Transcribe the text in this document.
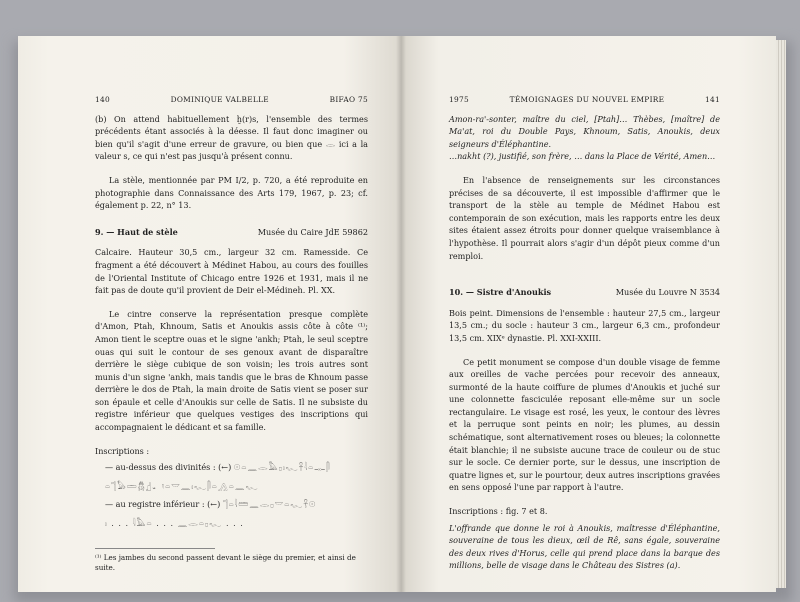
140	DOMINIQUE VALBELLE	BIFAO 75

(b) On attend habituellement ḫ(r)s, l'ensemble des termes précédents étant associés à la déesse. Il faut donc imaginer ou bien qu'il s'agit d'une erreur de gravure, ou bien que 𓂋 ici a la valeur s, ce qui n'est pas jusqu'à présent connu.

La stèle, mentionnée par PM I/2, p. 720, a été reproduite en photographie dans Connaissance des Arts 179, 1967, p. 23; cf. également p. 22, n° 13.

9. — Haut de stèle	Musée du Caire JdE 59862

Calcaire. Hauteur 30,5 cm., largeur 32 cm. Ramesside. Ce fragment a été découvert à Médinet Habou, au cours des fouilles de l'Oriental Institute of Chicago entre 1926 et 1931, mais il ne fait pas de doute qu'il provient de Deir el-Médineh. Pl. XX.

Le cintre conserve la représentation presque complète d'Amon, Ptah, Khnoum, Satis et Anoukis assis côte à côte ⁽¹⁾; Amon tient le sceptre ouas et le signe 'ankh; Ptah, le seul sceptre ouas qui suit le contour de ses genoux avant de disparaître derrière le siège cubique de son voisin; les trois autres sont munis d'un signe 'ankh, mais tandis que le bras de Khnoum passe derrière le dos de Ptah, la main droite de Satis vient se poser sur son épaule et celle d'Anoukis sur celle de Satis. Il ne subsiste du registre inférieur que quelques vestiges des inscriptions qui accompagnaient le dédicant et sa famille.

Inscriptions :
— au-dessus des divinités : (←) 𓇳𓏏𓈖𓂋𓅓𓊪𓏤𓆑𓋹𓇋𓏏𓊃𓋴
𓏏𓊹𓅃𓏛𓆣𓊨𓂝𓏏𓎟𓈖𓏤𓆑𓋴𓏏𓂻𓏏𓈖𓆑
— au registre inférieur : (←) 𓊹𓏏𓇋𓏠𓈖𓂋𓊪𓎟𓏏𓆑𓋹𓇳
𓏤 . . . 𓇋𓅓𓏏 . . . 𓈖𓂋𓏏𓊪𓆑 . . .
⁽¹⁾ Les jambes du second passent devant le siège du premier, et ainsi de suite.
1975	TÉMOIGNAGES DU NOUVEL EMPIRE	141

Amon-ra'-sonter, maître du ciel, [Ptah]… Thèbes, [maître] de Ma'at, roi du Double Pays, Khnoum, Satis, Anoukis, deux seigneurs d'Éléphantine.

…nakht (?), justifié, son frère, … dans la Place de Vérité, Amen…

En l'absence de renseignements sur les circonstances précises de sa découverte, il est impossible d'affirmer que le transport de la stèle au temple de Médinet Habou est contemporain de son exécution, mais les rapports entre les deux sites étaient assez étroits pour donner quelque vraisemblance à l'hypothèse. Il pourrait alors s'agir d'un dépôt pieux comme d'un remploi.

10. — Sistre d'Anoukis	Musée du Louvre N 3534

Bois peint. Dimensions de l'ensemble : hauteur 27,5 cm., largeur 13,5 cm.; du socle : hauteur 3 cm., largeur 6,3 cm., profondeur 13,5 cm. XIXᵉ dynastie. Pl. XXI-XXIII.

Ce petit monument se compose d'un double visage de femme aux oreilles de vache percées pour recevoir des anneaux, surmonté de la haute coiffure de plumes d'Anoukis et juché sur une colonnette fasciculée reposant elle-même sur un socle rectangulaire. Le visage est rosé, les yeux, le contour des lèvres et la perruque sont peints en noir; les plumes, au dessin schématique, sont alternativement roses ou bleues; la colonnette était blanchie; il ne subsiste aucune trace de couleur ou de stuc sur le socle. Ce dernier porte, sur le dessus, une inscription de quatre lignes et, sur le pourtour, deux autres inscriptions gravées en sens opposé l'une par rapport à l'autre.

Inscriptions : fig. 7 et 8.

L'offrande que donne le roi à Anoukis, maîtresse d'Éléphantine, souveraine de tous les dieux, œil de Rê, sans égale, souveraine des deux rives d'Horus, celle qui prend place dans la barque des millions, belle de visage dans le Château des Sistres (a).
